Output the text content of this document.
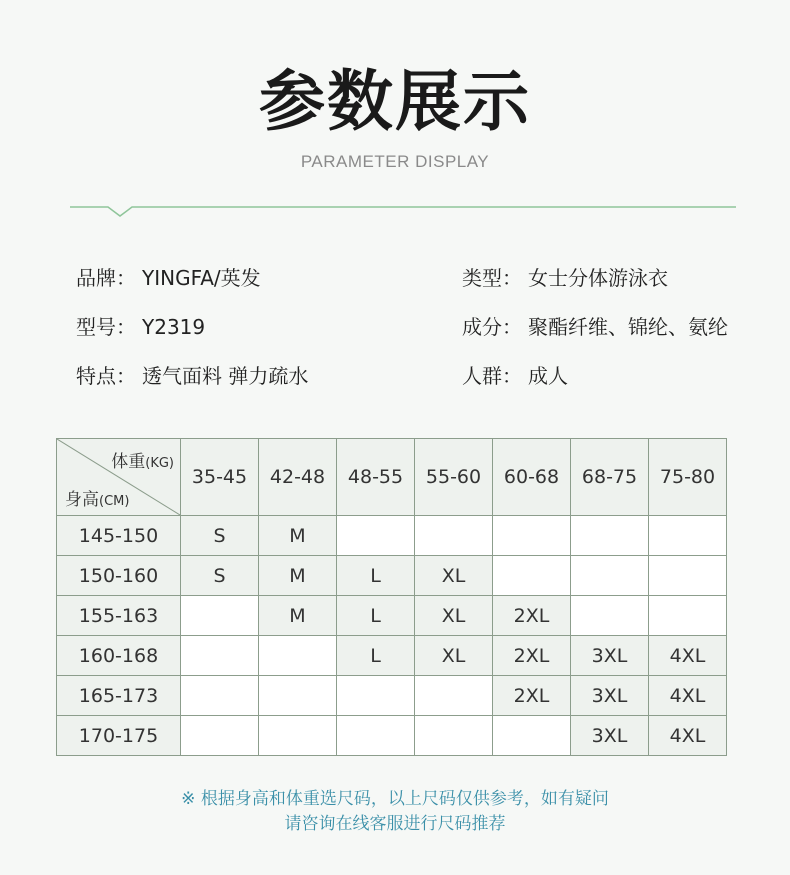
参数展示
PARAMETER DISPLAY
品牌： YINGFA/英发	类型： 女士分体游泳衣
型号： Y2319	成分： 聚酯纤维、锦纶、氨纶
特点： 透气面料 弹力疏水	人群： 成人
体重(KG)
身高(CM)	35-45	42-48	48-55	55-60	60-68	68-75	75-80
145-150	S	M					
150-160	S	M	L	XL			
155-163		M	L	XL	2XL		
160-168			L	XL	2XL	3XL	4XL
165-173					2XL	3XL	4XL
170-175						3XL	4XL
※ 根据身高和体重选尺码，以上尺码仅供参考，如有疑问
请咨询在线客服进行尺码推荐
